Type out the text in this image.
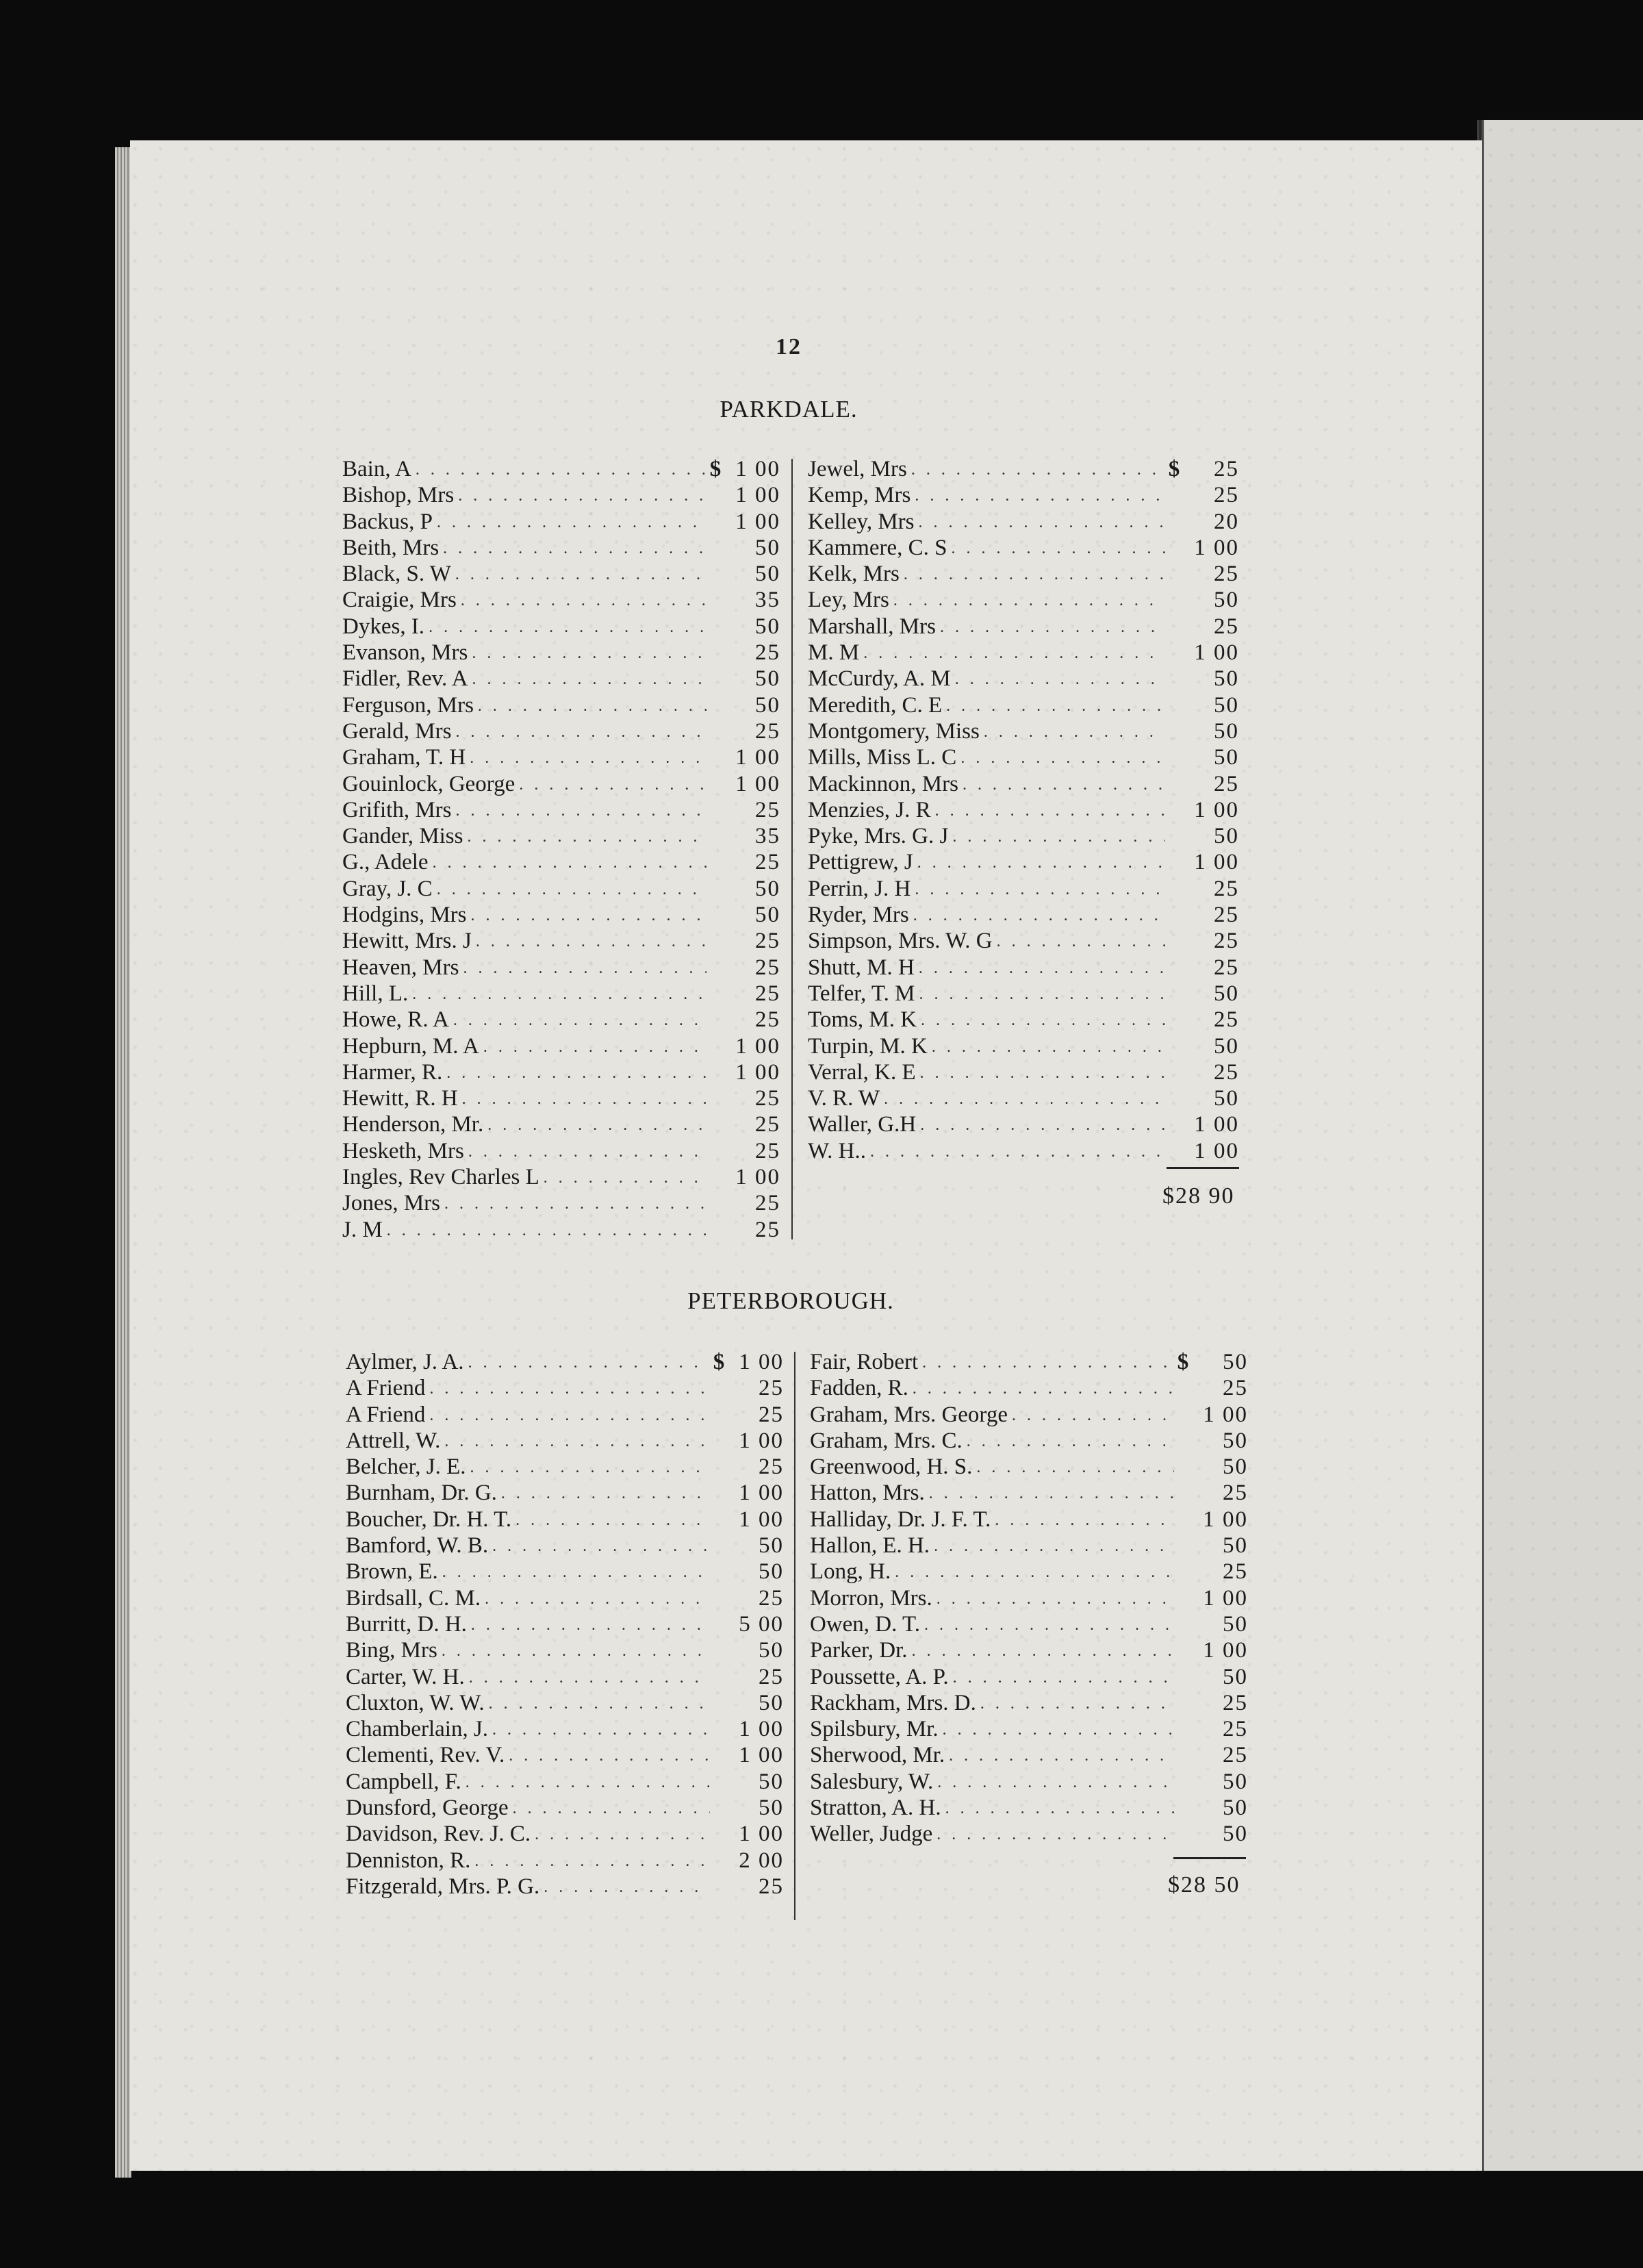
12
PARKDALE.
Bain, A . . .	$ 1 00
Bishop, Mrs . . .	1 00
Backus, P . . .	1 00
Beith, Mrs . . .	50
Black, S. W . . .	50
Craigie, Mrs . . .	35
Dykes, I. . . .	50
Evanson, Mrs . . .	25
Fidler, Rev. A . . .	50
Ferguson, Mrs . . .	50
Gerald, Mrs . . .	25
Graham, T. H . . .	1 00
Gouinlock, George . . .	1 00
Grifith, Mrs . . .	25
Gander, Miss . . .	35
G., Adele . . .	25
Gray, J. C . . .	50
Hodgins, Mrs . . .	50
Hewitt, Mrs. J . . .	25
Heaven, Mrs . . .	25
Hill, L. . . .	25
Howe, R. A . . .	25
Hepburn, M. A . . .	1 00
Harmer, R. . . .	1 00
Hewitt, R. H . . .	25
Henderson, Mr. . . .	25
Hesketh, Mrs . . .	25
Ingles, Rev Charles L . . .	1 00
Jones, Mrs . . .	25
J. M . . .	25
Jewel, Mrs . . .	$	25
Kemp, Mrs . . .	25
Kelley, Mrs . . .	20
Kammere, C. S . . .	1 00
Kelk, Mrs . . .	25
Ley, Mrs . . .	50
Marshall, Mrs . . .	25
M. M . . .	1 00
McCurdy, A. M . . .	50
Meredith, C. E . . .	50
Montgomery, Miss . . .	50
Mills, Miss L. C . . .	50
Mackinnon, Mrs . . .	25
Menzies, J. R . . .	1 00
Pyke, Mrs. G. J . . .	50
Pettigrew, J . . .	1 00
Perrin, J. H . . .	25
Ryder, Mrs . . .	25
Simpson, Mrs. W. G . . .	25
Shutt, M. H . . .	25
Telfer, T. M . . .	50
Toms, M. K . . .	25
Turpin, M. K . . .	50
Verral, K. E . . .	25
V. R. W . . .	50
Waller, G.H . . .	1 00
W. H.. . . .	1 00
$28 90
PETERBOROUGH.
Aylmer, J. A. . . .	$ 1 00
A Friend . . .	25
A Friend . . .	25
Attrell, W. . . .	1 00
Belcher, J. E. . . .	25
Burnham, Dr. G. . . .	1 00
Boucher, Dr. H. T. . . .	1 00
Bamford, W. B. . . .	50
Brown, E. . . .	50
Birdsall, C. M. . . .	25
Burritt, D. H. . . .	5 00
Bing, Mrs . . .	50
Carter, W. H. . . .	25
Cluxton, W. W. . . .	50
Chamberlain, J. . . .	1 00
Clementi, Rev. V. . . .	1 00
Campbell, F. . . .	50
Dunsford, George . . .	50
Davidson, Rev. J. C. . . .	1 00
Denniston, R. . . .	2 00
Fitzgerald, Mrs. P. G. . . .	25
Fair, Robert . . .	$	50
Fadden, R. . . .	25
Graham, Mrs. George . . .	1 00
Graham, Mrs. C. . . .	50
Greenwood, H. S. . . .	50
Hatton, Mrs. . . .	25
Halliday, Dr. J. F. T. . . .	1 00
Hallon, E. H. . . .	50
Long, H. . . .	25
Morron, Mrs. . . .	1 00
Owen, D. T. . . .	50
Parker, Dr. . . .	1 00
Poussette, A. P. . . .	50
Rackham, Mrs. D. . . .	25
Spilsbury, Mr. . . .	25
Sherwood, Mr. . . .	25
Salesbury, W. . . .	50
Stratton, A. H. . . .	50
Weller, Judge . . .	50
$28 50
